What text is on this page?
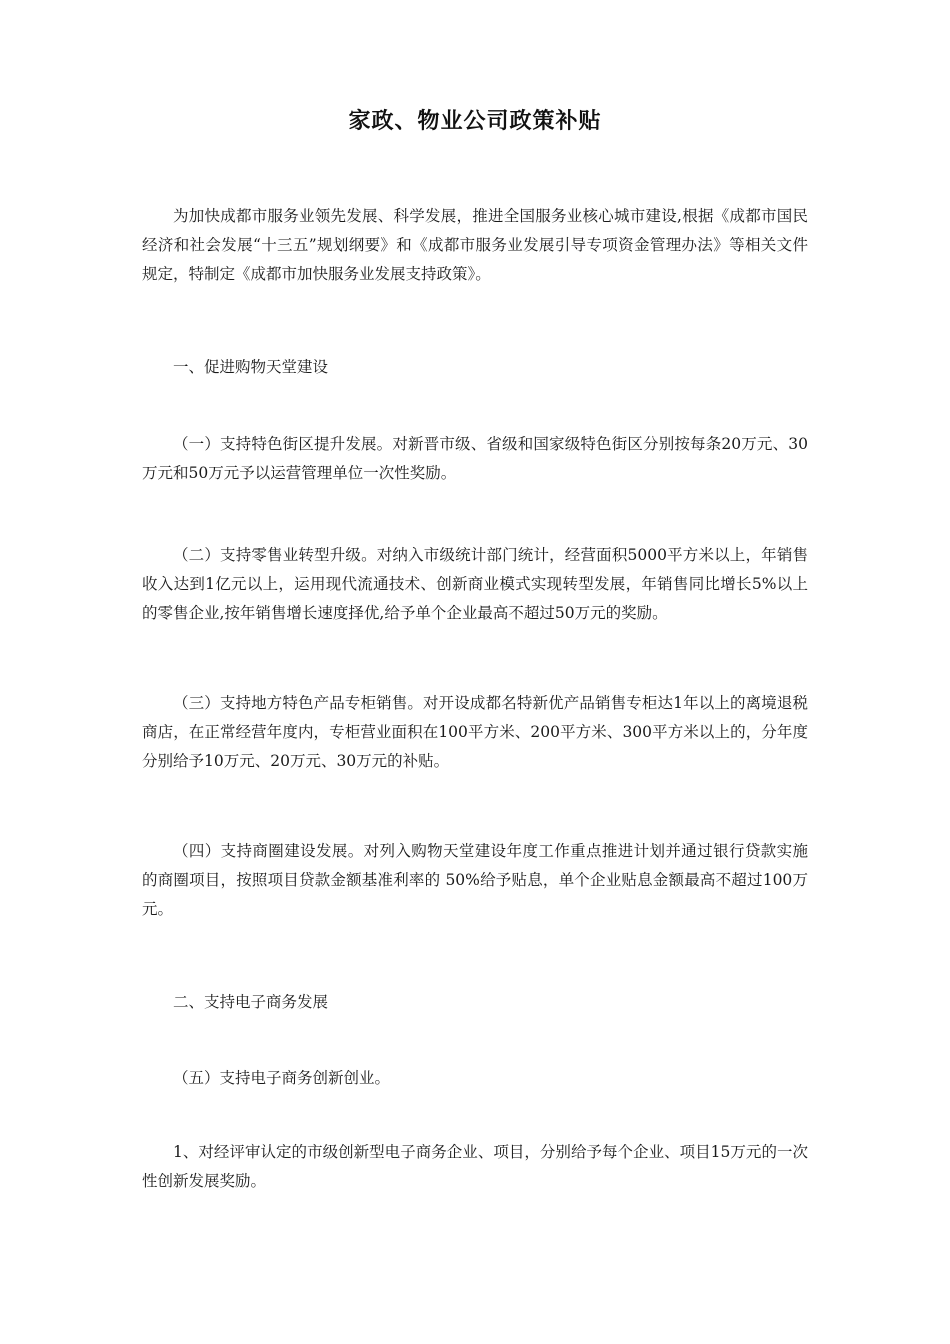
家政、物业公司政策补贴
为加快成都市服务业领先发展、科学发展，推进全国服务业核心城市建设,根据《成都市国民经济和社会发展“十三五”规划纲要》和《成都市服务业发展引导专项资金管理办法》等相关文件规定，特制定《成都市加快服务业发展支持政策》。
一、促进购物天堂建设
（一）支持特色街区提升发展。对新晋市级、省级和国家级特色街区分别按每条20万元、30万元和50万元予以运营管理单位一次性奖励。
（二）支持零售业转型升级。对纳入市级统计部门统计，经营面积5000平方米以上，年销售收入达到1亿元以上，运用现代流通技术、创新商业模式实现转型发展，年销售同比增长5%以上的零售企业,按年销售增长速度择优,给予单个企业最高不超过50万元的奖励。
（三）支持地方特色产品专柜销售。对开设成都名特新优产品销售专柜达1年以上的离境退税商店，在正常经营年度内，专柜营业面积在100平方米、200平方米、300平方米以上的，分年度分别给予10万元、20万元、30万元的补贴。
（四）支持商圈建设发展。对列入购物天堂建设年度工作重点推进计划并通过银行贷款实施的商圈项目，按照项目贷款金额基准利率的 50%给予贴息，单个企业贴息金额最高不超过100万元。
二、支持电子商务发展
（五）支持电子商务创新创业。
1、对经评审认定的市级创新型电子商务企业、项目，分别给予每个企业、项目15万元的一次性创新发展奖励。
